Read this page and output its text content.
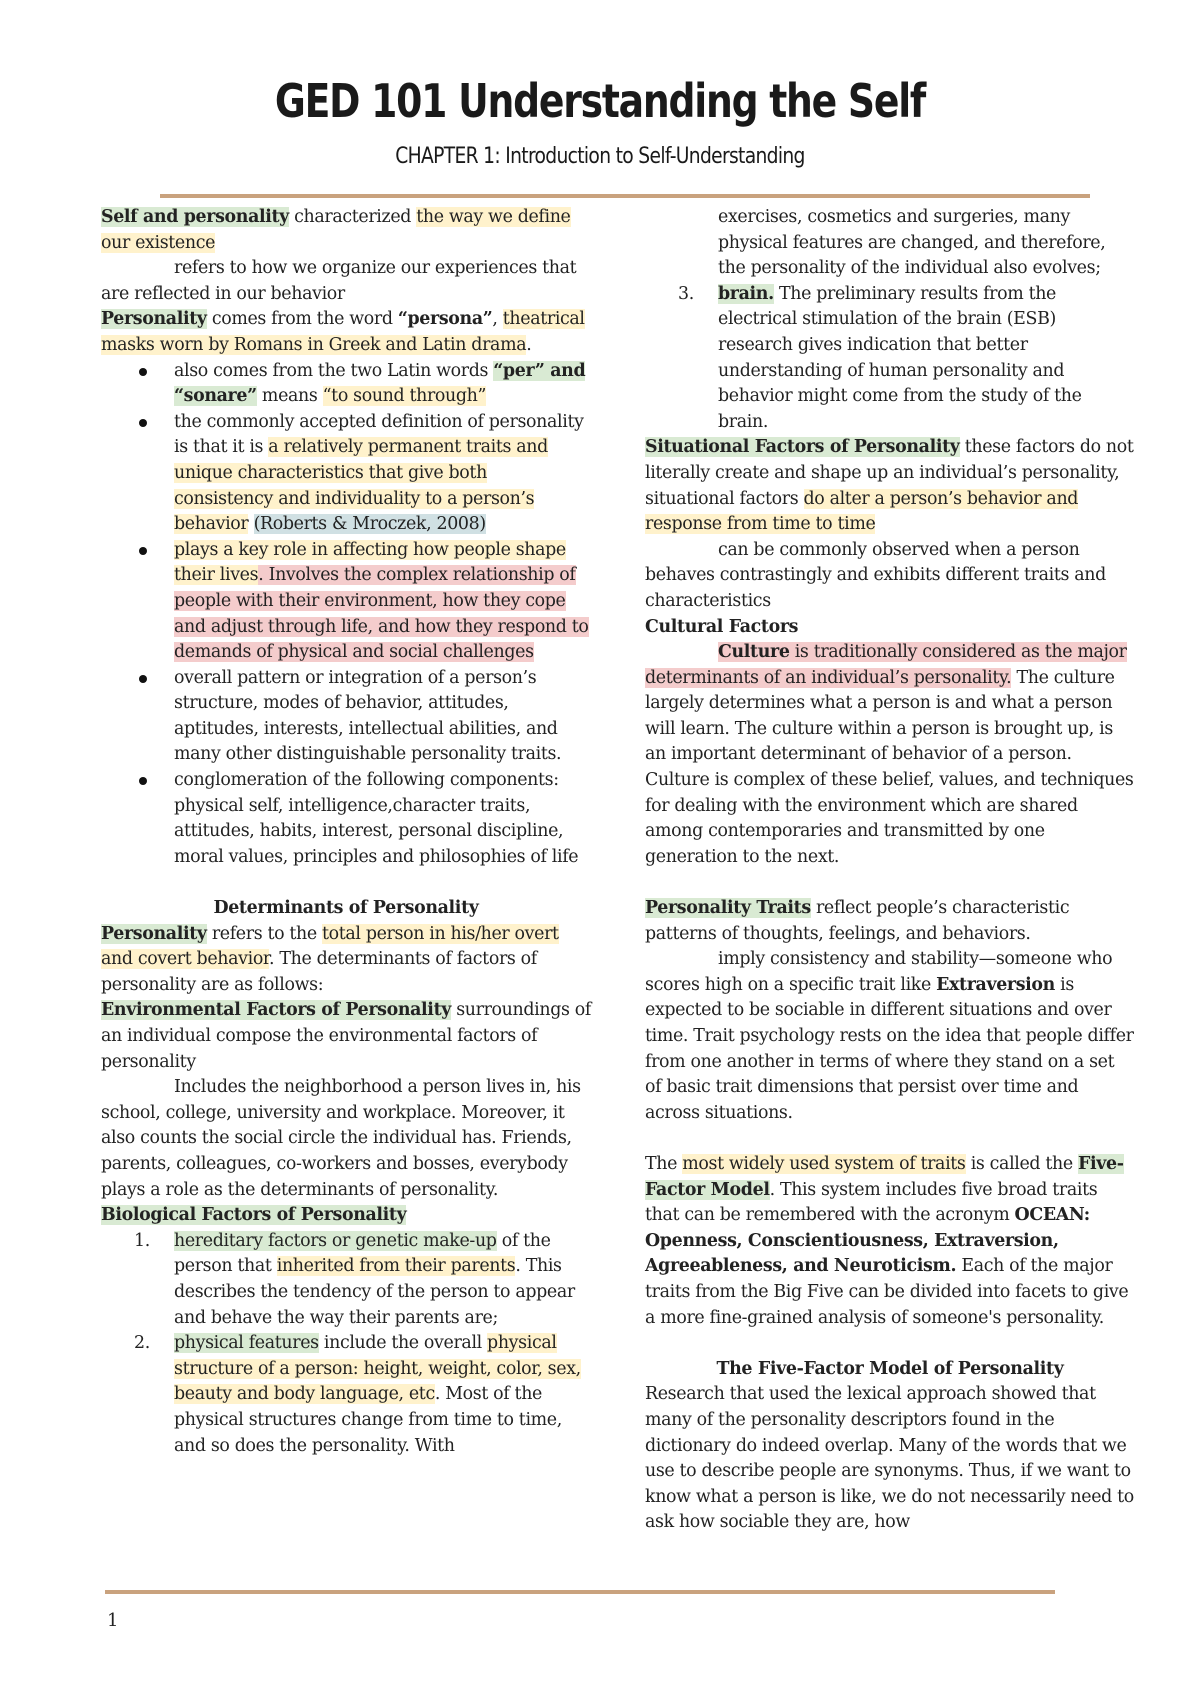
GED 101 Understanding the Self
CHAPTER 1: Introduction to Self-Understanding

Self and personality characterized the way we define our existence

refers to how we organize our experiences that are reflected in our behavior

Personality comes from the word “persona”, theatrical masks worn by Romans in Greek and Latin drama.

also comes from the two Latin words “per” and “sonare” means “to sound through”
the commonly accepted definition of personality is that it is a relatively permanent traits and unique characteristics that give both consistency and individuality to a person’s behavior (Roberts & Mroczek, 2008)
plays a key role in affecting how people shape their lives. Involves the complex relationship of people with their environment, how they cope and adjust through life, and how they respond to demands of physical and social challenges
overall pattern or integration of a person’s structure, modes of behavior, attitudes, aptitudes, interests, intellectual abilities, and many other distinguishable personality traits.
conglomeration of the following components: physical self, intelligence,character traits, attitudes, habits, interest, personal discipline, moral values, principles and philosophies of life

Determinants of Personality

Personality refers to the total person in his/her overt and covert behavior. The determinants of factors of personality are as follows:

Environmental Factors of Personality surroundings of an individual compose the environmental factors of personality

Includes the neighborhood a person lives in, his school, college, university and workplace. Moreover, it also counts the social circle the individual has. Friends, parents, colleagues, co-workers and bosses, everybody plays a role as the determinants of personality.

Biological Factors of Personality

1. hereditary factors or genetic make-up of the person that inherited from their parents. This describes the tendency of the person to appear and behave the way their parents are;
2. physical features include the overall physical structure of a person: height, weight, color, sex, beauty and body language, etc. Most of the physical structures change from time to time, and so does the personality. With

exercises, cosmetics and surgeries, many physical features are changed, and therefore, the personality of the individual also evolves;

3. brain. The preliminary results from the electrical stimulation of the brain (ESB) research gives indication that better understanding of human personality and behavior might come from the study of the brain.

Situational Factors of Personality these factors do not literally create and shape up an individual’s personality, situational factors do alter a person’s behavior and response from time to time

can be commonly observed when a person behaves contrastingly and exhibits different traits and characteristics

Cultural Factors

Culture is traditionally considered as the major determinants of an individual’s personality. The culture largely determines what a person is and what a person will learn. The culture within a person is brought up, is an important determinant of behavior of a person. Culture is complex of these belief, values, and techniques for dealing with the environment which are shared among contemporaries and transmitted by one generation to the next.

Personality Traits reflect people’s characteristic patterns of thoughts, feelings, and behaviors.

imply consistency and stability—someone who scores high on a specific trait like Extraversion is expected to be sociable in different situations and over time. Trait psychology rests on the idea that people differ from one another in terms of where they stand on a set of basic trait dimensions that persist over time and across situations.

The most widely used system of traits is called the Five-Factor Model. This system includes five broad traits that can be remembered with the acronym OCEAN: Openness, Conscientiousness, Extraversion, Agreeableness, and Neuroticism. Each of the major traits from the Big Five can be divided into facets to give a more fine-grained analysis of someone's personality.

The Five-Factor Model of Personality

Research that used the lexical approach showed that many of the personality descriptors found in the dictionary do indeed overlap. Many of the words that we use to describe people are synonyms. Thus, if we want to know what a person is like, we do not necessarily need to ask how sociable they are, how

1
